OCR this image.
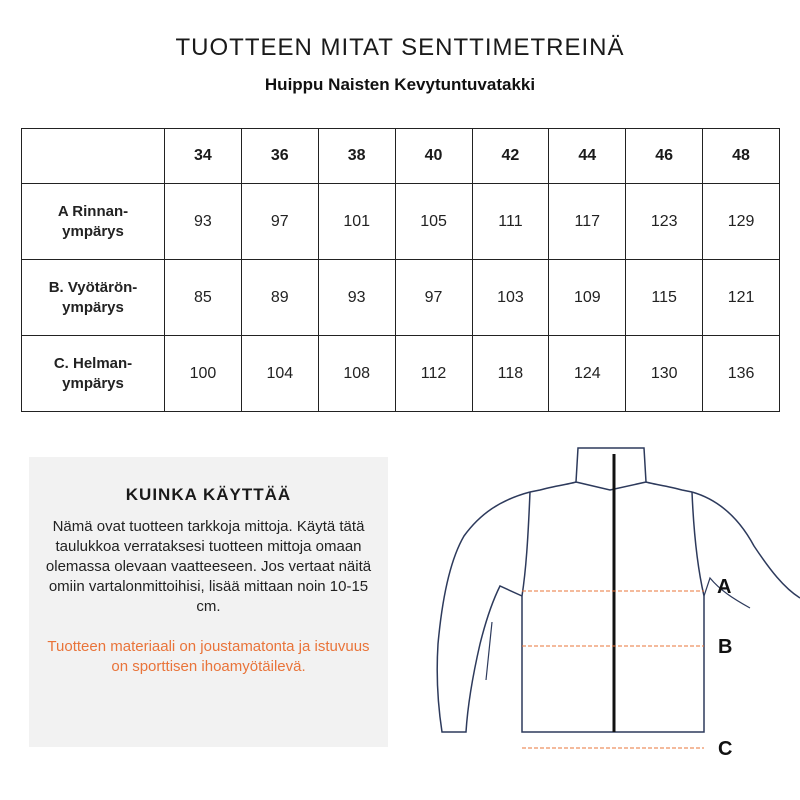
TUOTTEEN MITAT SENTTIMETREINÄ
Huippu Naisten Kevytuntuvatakki
	34	36	38	40	42	44	46	48
A Rinnan-
ympärys	93	97	101	105	111	117	123	129
B. Vyötärön-
ympärys	85	89	93	97	103	109	115	121
C. Helman-
ympärys	100	104	108	112	118	124	130	136
KUINKA KÄYTTÄÄ
Nämä ovat tuotteen tarkkoja mittoja. Käytä tätä taulukkoa verrataksesi tuotteen mittoja omaan olemassa olevaan vaatteeseen. Jos vertaat näitä omiin vartalonmittoihisi, lisää mittaan noin 10-15 cm.
Tuotteen materiaali on joustamatonta ja istuvuus on sporttisen ihoamyötäilevä.
A
B
C
